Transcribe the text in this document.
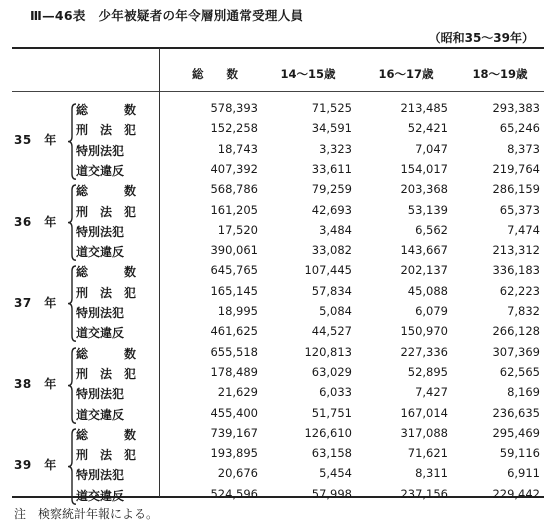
Ⅲ—46表　少年被疑者の年令層別通常受理人員
（昭和35～39年）
総　　数	14～15歳	16～17歳	18～19歳
35　年
総　　　数	578,393	71,525	213,485	293,383
刑　法　犯	152,258	34,591	52,421	65,246
特別法犯	18,743	3,323	7,047	8,373
道交違反	407,392	33,611	154,017	219,764
36　年
総　　　数	568,786	79,259	203,368	286,159
刑　法　犯	161,205	42,693	53,139	65,373
特別法犯	17,520	3,484	6,562	7,474
道交違反	390,061	33,082	143,667	213,312
37　年
総　　　数	645,765	107,445	202,137	336,183
刑　法　犯	165,145	57,834	45,088	62,223
特別法犯	18,995	5,084	6,079	7,832
道交違反	461,625	44,527	150,970	266,128
38　年
総　　　数	655,518	120,813	227,336	307,369
刑　法　犯	178,489	63,029	52,895	62,565
特別法犯	21,629	6,033	7,427	8,169
道交違反	455,400	51,751	167,014	236,635
39　年
総　　　数	739,167	126,610	317,088	295,469
刑　法　犯	193,895	63,158	71,621	59,116
特別法犯	20,676	5,454	8,311	6,911
道交違反	524,596	57,998	237,156	229,442
注　検察統計年報による。
